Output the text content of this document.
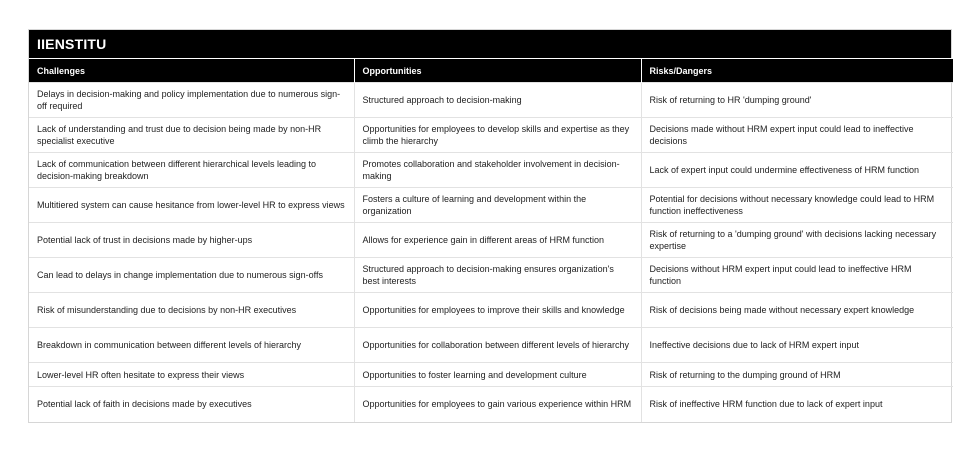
IIENSTITU
Challenges	Opportunities	Risks/Dangers
Delays in decision-making and policy implementation due to numerous sign-off required	Structured approach to decision-making	Risk of returning to HR 'dumping ground'
Lack of understanding and trust due to decision being made by non-HR specialist executive	Opportunities for employees to develop skills and expertise as they climb the hierarchy	Decisions made without HRM expert input could lead to ineffective decisions
Lack of communication between different hierarchical levels leading to decision-making breakdown	Promotes collaboration and stakeholder involvement in decision-making	Lack of expert input could undermine effectiveness of HRM function
Multitiered system can cause hesitance from lower-level HR to express views	Fosters a culture of learning and development within the organization	Potential for decisions without necessary knowledge could lead to HRM function ineffectiveness
Potential lack of trust in decisions made by higher-ups	Allows for experience gain in different areas of HRM function	Risk of returning to a 'dumping ground' with decisions lacking necessary expertise
Can lead to delays in change implementation due to numerous sign-offs	Structured approach to decision-making ensures organization's best interests	Decisions without HRM expert input could lead to ineffective HRM function
Risk of misunderstanding due to decisions by non-HR executives	Opportunities for employees to improve their skills and knowledge	Risk of decisions being made without necessary expert knowledge
Breakdown in communication between different levels of hierarchy	Opportunities for collaboration between different levels of hierarchy	Ineffective decisions due to lack of HRM expert input
Lower-level HR often hesitate to express their views	Opportunities to foster learning and development culture	Risk of returning to the dumping ground of HRM
Potential lack of faith in decisions made by executives	Opportunities for employees to gain various experience within HRM	Risk of ineffective HRM function due to lack of expert input
